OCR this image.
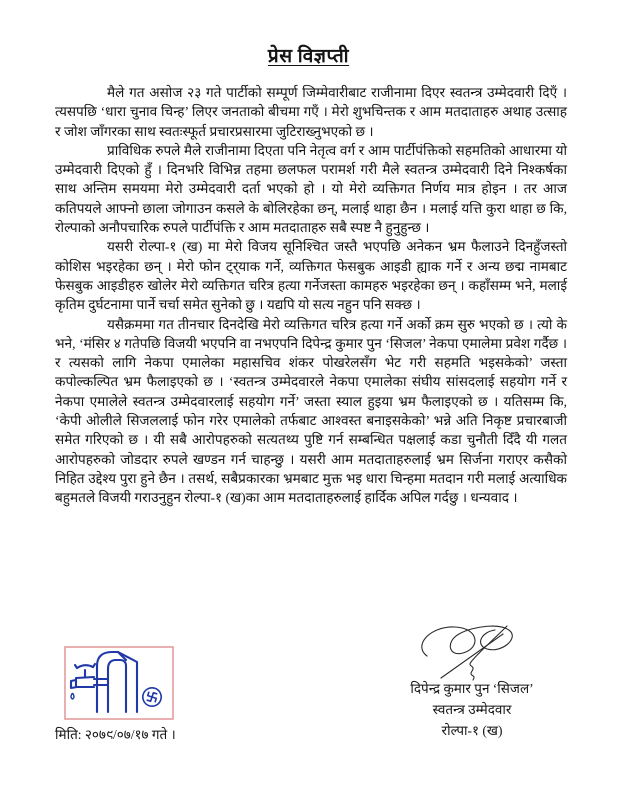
प्रेस विज्ञप्ती

मैले गत असोज २३ गते पार्टीको सम्पूर्ण जिम्मेवारीबाट राजीनामा दिएर स्वतन्त्र उम्मेदवारी दिएँ । त्यसपछि ‘धारा चुनाव चिन्ह’ लिएर जनताको बीचमा गएँ । मेरो शुभचिन्तक र आम मतदाताहरु अथाह उत्साह र जोश जाँगरका साथ स्वतःस्फूर्त प्रचारप्रसारमा जुटिराख्नुभएको छ ।

प्राविधिक रुपले मैले राजीनामा दिएता पनि नेतृत्व वर्ग र आम पार्टीपंक्तिको सहमतिको आधारमा यो उम्मेदवारी दिएको हुँ । दिनभरि विभिन्न तहमा छलफल परामर्श गरी मैले स्वतन्त्र उम्मेदवारी दिने निश्कर्षका साथ अन्तिम समयमा मेरो उम्मेदवारी दर्ता भएको हो । यो मेरो व्यक्तिगत निर्णय मात्र होइन । तर आज कतिपयले आफ्नो छाला जोगाउन कसले के बोलिरहेका छन्, मलाई थाहा छैन । मलाई यत्ति कुरा थाहा छ कि, रोल्पाको अनौपचारिक रुपले पार्टीपंक्ति र आम मतदाताहरु सबै स्पष्ट नै हुनुहुन्छ ।

यसरी रोल्पा-१ (ख) मा मेरो विजय सूनिश्चित जस्तै भएपछि अनेकन भ्रम फैलाउने दिनहुँजस्तो कोशिस भइरहेका छन् । मेरो फोन ट्र्याक गर्ने, व्यक्तिगत फेसबुक आइडी ह्याक गर्ने र अन्य छद्म नामबाट फेसबुक आइडीहरु खोलेर मेरो व्यक्तिगत चरित्र हत्या गर्नेजस्ता कामहरु भइरहेका छन् । कहाँसम्म भने, मलाई कृतिम दुर्घटनामा पार्ने चर्चा समेत सुनेको छु । यद्यपि यो सत्य नहुन पनि सक्छ ।

यसैक्रममा गत तीनचार दिनदेखि मेरो व्यक्तिगत चरित्र हत्या गर्ने अर्को क्रम सुरु भएको छ । त्यो के भने, ‘मंसिर ४ गतेपछि विजयी भएपनि वा नभएपनि दिपेन्द्र कुमार पुन ‘सिजल’ नेकपा एमालेमा प्रवेश गर्दैछ । र त्यसको लागि नेकपा एमालेका महासचिव शंकर पोखरेलसँग भेट गरी सहमति भइसकेको’ जस्ता कपोल्कल्पित भ्रम फैलाइएको छ । ‘स्वतन्त्र उम्मेदवारले नेकपा एमालेका संघीय सांसदलाई सहयोग गर्ने र नेकपा एमालेले स्वतन्त्र उम्मेदवारलाई सहयोग गर्ने’ जस्ता स्याल हुइया भ्रम फैलाइएको छ । यतिसम्म कि, ‘केपी ओलीले सिजललाई फोन गरेर एमालेको तर्फबाट आश्वस्त बनाइसकेको’ भन्ने अति निकृष्ट प्रचारबाजी समेत गरिएको छ । यी सबै आरोपहरुको सत्यतथ्य पुष्टि गर्न सम्बन्धित पक्षलाई कडा चुनौती दिँदै यी गलत आरोपहरुको जोडदार रुपले खण्डन गर्न चाहन्छु । यसरी आम मतदाताहरुलाई भ्रम सिर्जना गराएर कसैको निहित उद्देश्य पुरा हुने छैन । तसर्थ, सबैप्रकारका भ्रमबाट मुक्त भइ धारा चिन्हमा मतदान गरी मलाई अत्याधिक बहुमतले विजयी गराउनुहुन रोल्पा-१ (ख)का आम मतदाताहरुलाई हार्दिक अपिल गर्दछु । धन्यवाद ।

मिति: २०७९/०७/१७ गते ।
दिपेन्द्र कुमार पुन ‘सिजल’
स्वतन्त्र उम्मेदवार
रोल्पा-१ (ख)
